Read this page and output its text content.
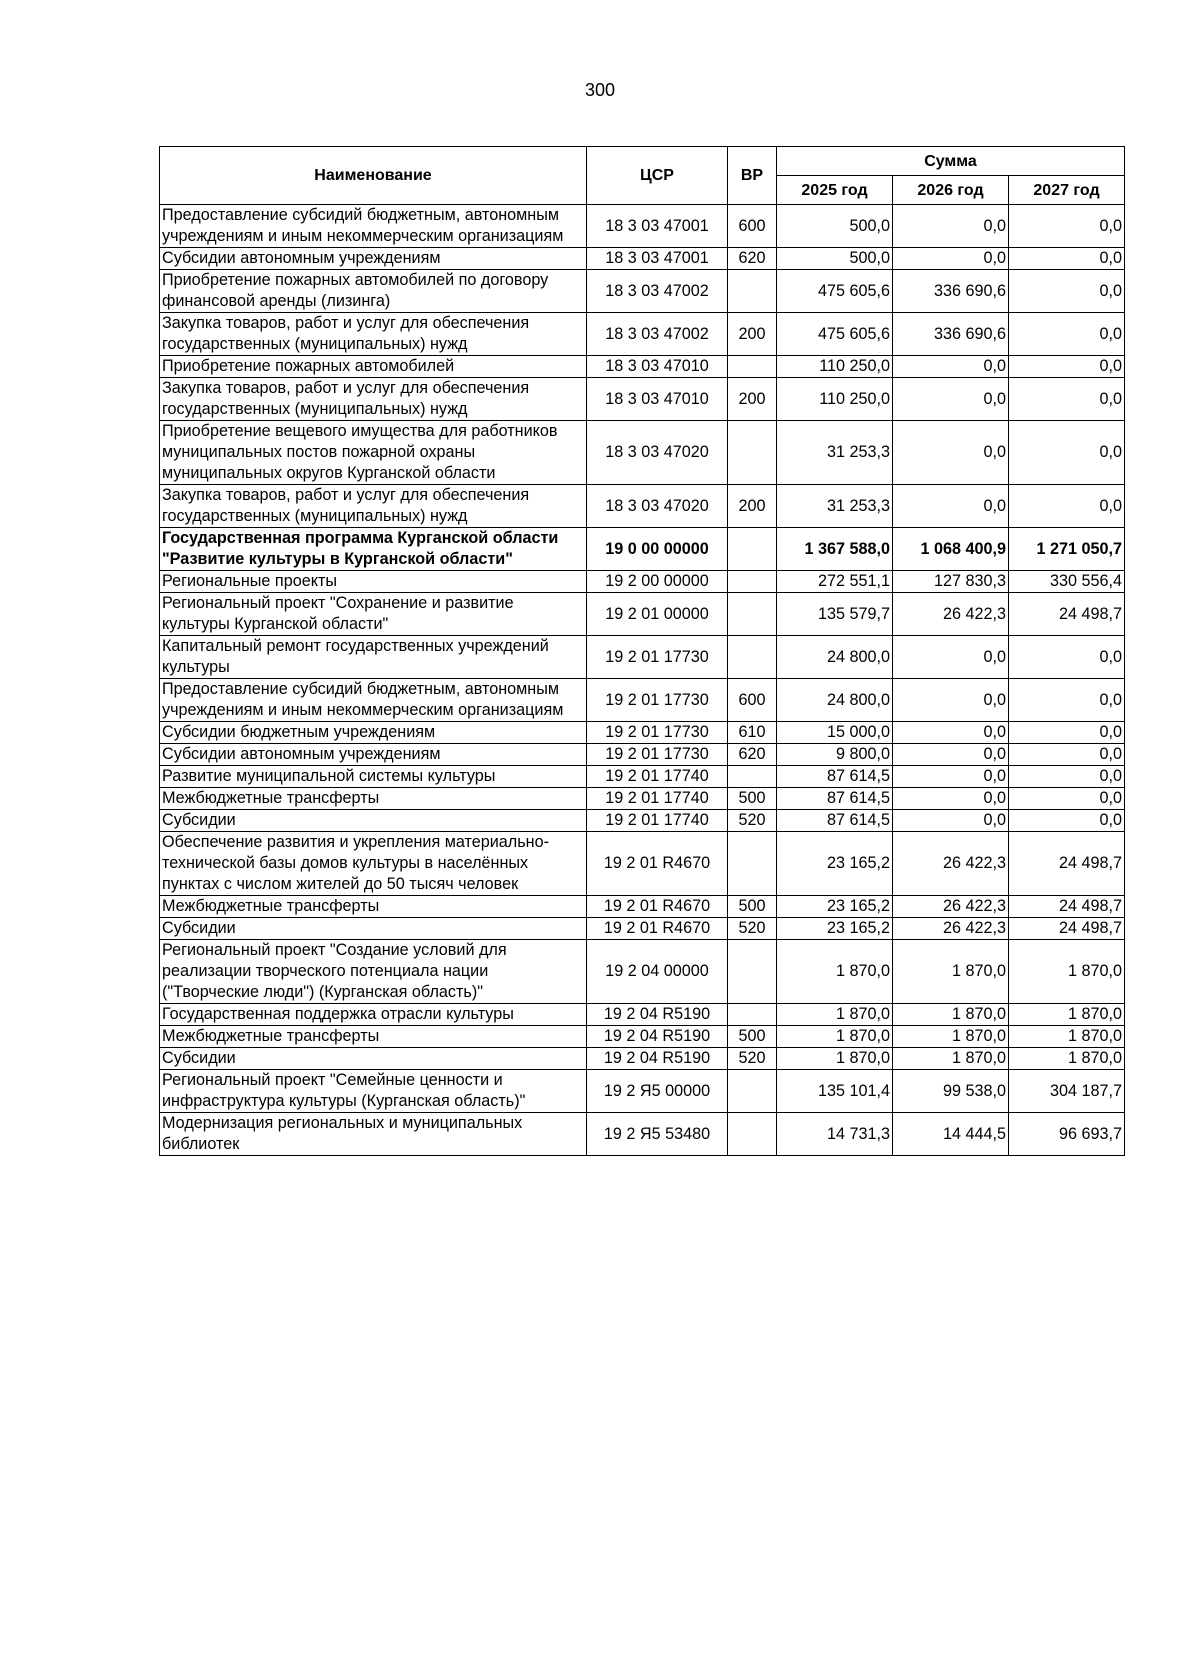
300
Наименование	ЦСР	ВР	Сумма		
			2025 год	2026 год	2027 год
Предоставление субсидий бюджетным, автономным учреждениям и иным некоммерческим организациям	18 3 03 47001	600	500,0	0,0	0,0
Субсидии автономным учреждениям	18 3 03 47001	620	500,0	0,0	0,0
Приобретение пожарных автомобилей по договору финансовой аренды (лизинга)	18 3 03 47002		475 605,6	336 690,6	0,0
Закупка товаров, работ и услуг для обеспечения государственных (муниципальных) нужд	18 3 03 47002	200	475 605,6	336 690,6	0,0
Приобретение пожарных автомобилей	18 3 03 47010		110 250,0	0,0	0,0
Закупка товаров, работ и услуг для обеспечения государственных (муниципальных) нужд	18 3 03 47010	200	110 250,0	0,0	0,0
Приобретение вещевого имущества для работников муниципальных постов пожарной охраны муниципальных округов Курганской области	18 3 03 47020		31 253,3	0,0	0,0
Закупка товаров, работ и услуг для обеспечения государственных (муниципальных) нужд	18 3 03 47020	200	31 253,3	0,0	0,0
Государственная программа Курганской области "Развитие культуры в Курганской области"	19 0 00 00000		1 367 588,0	1 068 400,9	1 271 050,7
Региональные проекты	19 2 00 00000		272 551,1	127 830,3	330 556,4
Региональный проект "Сохранение и развитие культуры Курганской области"	19 2 01 00000		135 579,7	26 422,3	24 498,7
Капитальный ремонт государственных учреждений культуры	19 2 01 17730		24 800,0	0,0	0,0
Предоставление субсидий бюджетным, автономным учреждениям и иным некоммерческим организациям	19 2 01 17730	600	24 800,0	0,0	0,0
Субсидии бюджетным учреждениям	19 2 01 17730	610	15 000,0	0,0	0,0
Субсидии автономным учреждениям	19 2 01 17730	620	9 800,0	0,0	0,0
Развитие муниципальной системы культуры	19 2 01 17740		87 614,5	0,0	0,0
Межбюджетные трансферты	19 2 01 17740	500	87 614,5	0,0	0,0
Субсидии	19 2 01 17740	520	87 614,5	0,0	0,0
Обеспечение развития и укрепления материально-технической базы домов культуры в населённых пунктах с числом жителей до 50 тысяч человек	19 2 01 R4670		23 165,2	26 422,3	24 498,7
Межбюджетные трансферты	19 2 01 R4670	500	23 165,2	26 422,3	24 498,7
Субсидии	19 2 01 R4670	520	23 165,2	26 422,3	24 498,7
Региональный проект "Создание условий для реализации творческого потенциала нации ("Творческие люди") (Курганская область)"	19 2 04 00000		1 870,0	1 870,0	1 870,0
Государственная поддержка отрасли культуры	19 2 04 R5190		1 870,0	1 870,0	1 870,0
Межбюджетные трансферты	19 2 04 R5190	500	1 870,0	1 870,0	1 870,0
Субсидии	19 2 04 R5190	520	1 870,0	1 870,0	1 870,0
Региональный проект "Семейные ценности и инфраструктура культуры (Курганская область)"	19 2 Я5 00000		135 101,4	99 538,0	304 187,7
Модернизация региональных и муниципальных библиотек	19 2 Я5 53480		14 731,3	14 444,5	96 693,7
